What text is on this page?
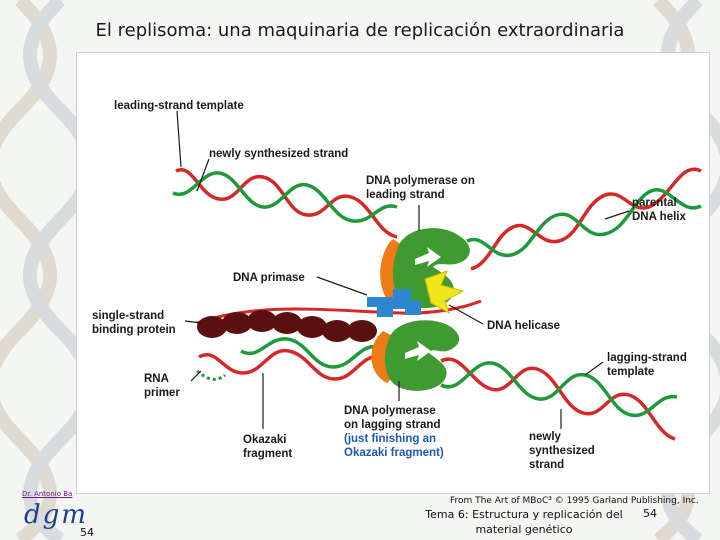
El replisoma: una maquinaria de replicación extraordinaria
leading-strand template
newly synthesized strand
DNA polymerase on
leading strand
parental
DNA helix
DNA primase
single-strand
binding protein	DNA helicase
RNA
primer
lagging-strand
template
DNA polymerase
on lagging strand
(just finishing an
Okazaki fragment)
Okazaki
fragment
newly
synthesized
strand
Dr. Antonio Ba
dgm
54
From The Art of MBoC³ © 1995 Garland Publishing, Inc.
Tema 6: Estructura y replicación del material genético
54
